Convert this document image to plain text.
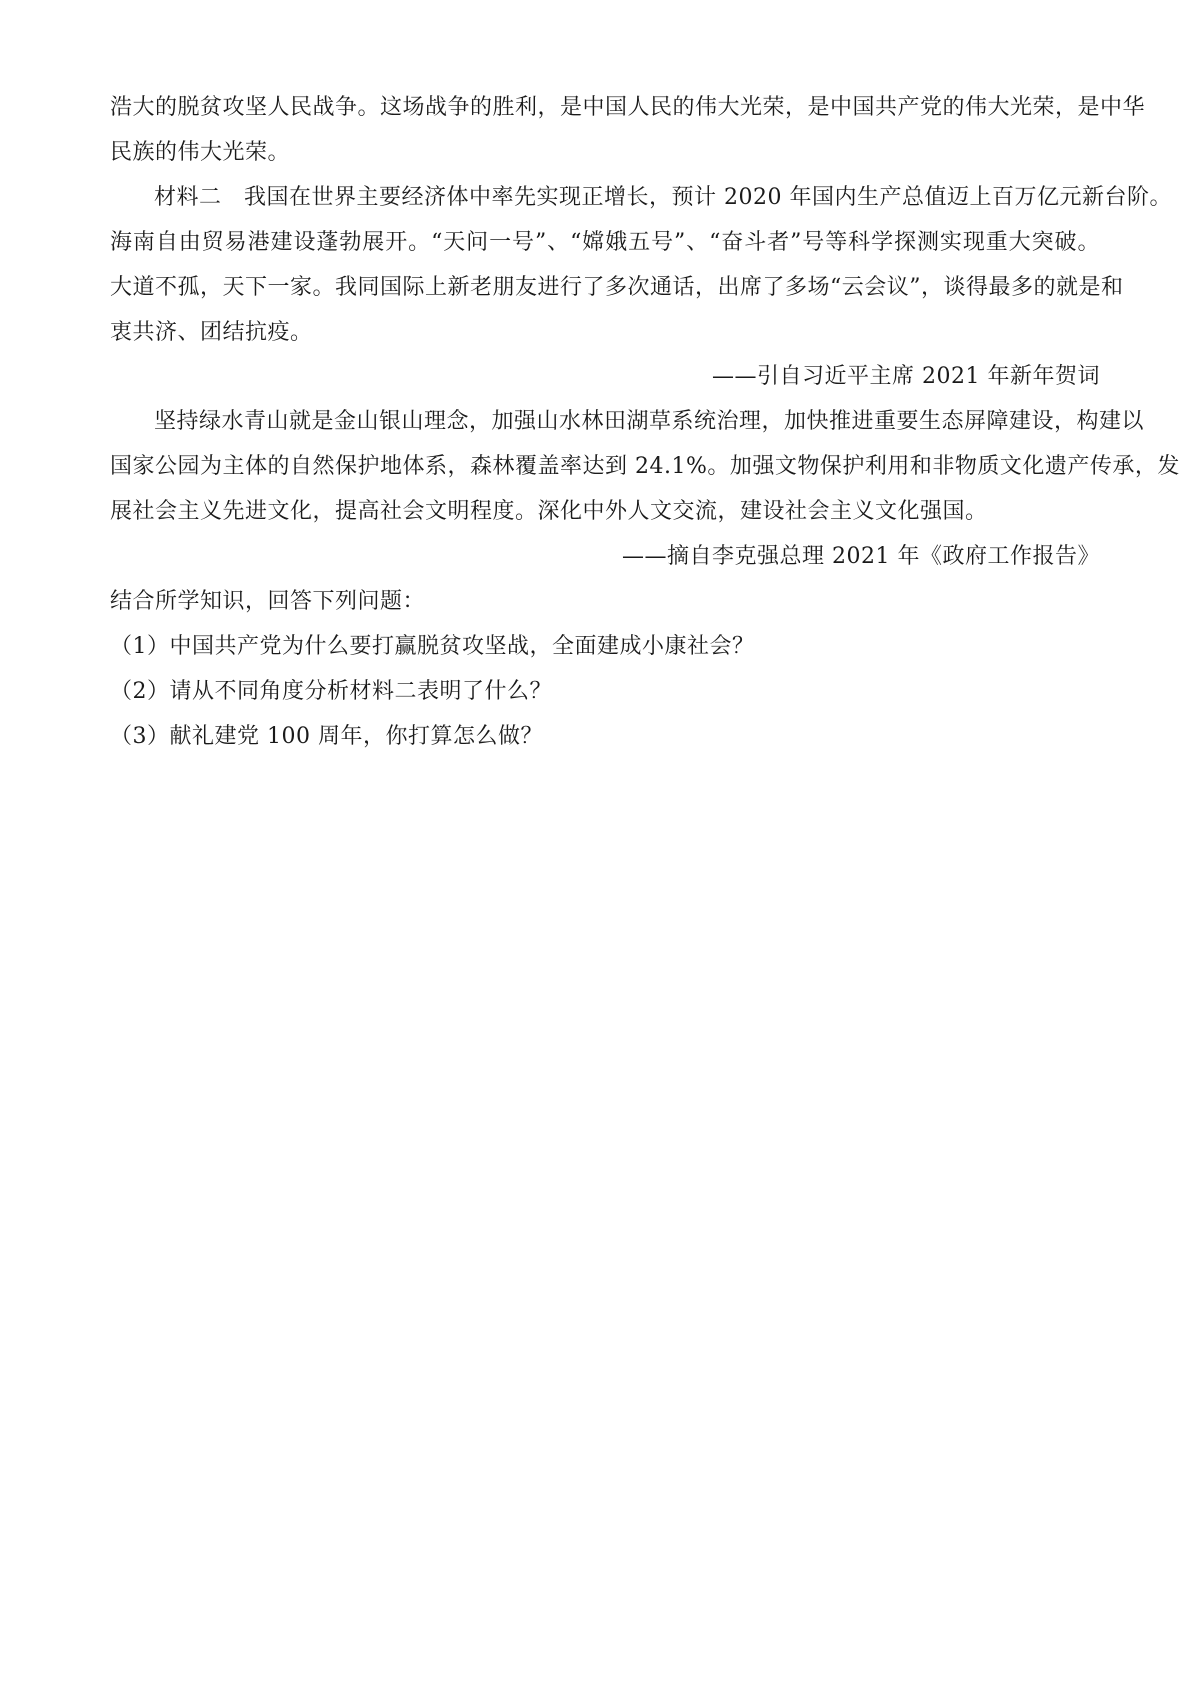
浩大的脱贫攻坚人民战争。这场战争的胜利，是中国人民的伟大光荣，是中国共产党的伟大光荣，是中华
民族的伟大光荣。
材料二　我国在世界主要经济体中率先实现正增长，预计 2020 年国内生产总值迈上百万亿元新台阶。
海南自由贸易港建设蓬勃展开。“天问一号”、“嫦娥五号”、“奋斗者”号等科学探测实现重大突破。
大道不孤，天下一家。我同国际上新老朋友进行了多次通话，出席了多场“云会议”，谈得最多的就是和
衷共济、团结抗疫。
——引自习近平主席 2021 年新年贺词
坚持绿水青山就是金山银山理念，加强山水林田湖草系统治理，加快推进重要生态屏障建设，构建以
国家公园为主体的自然保护地体系，森林覆盖率达到 24.1%。加强文物保护利用和非物质文化遗产传承，发
展社会主义先进文化，提高社会文明程度。深化中外人文交流，建设社会主义文化强国。
——摘自李克强总理 2021 年《政府工作报告》
结合所学知识，回答下列问题：
（1）中国共产党为什么要打赢脱贫攻坚战，全面建成小康社会？
（2）请从不同角度分析材料二表明了什么？
（3）献礼建党 100 周年，你打算怎么做？
